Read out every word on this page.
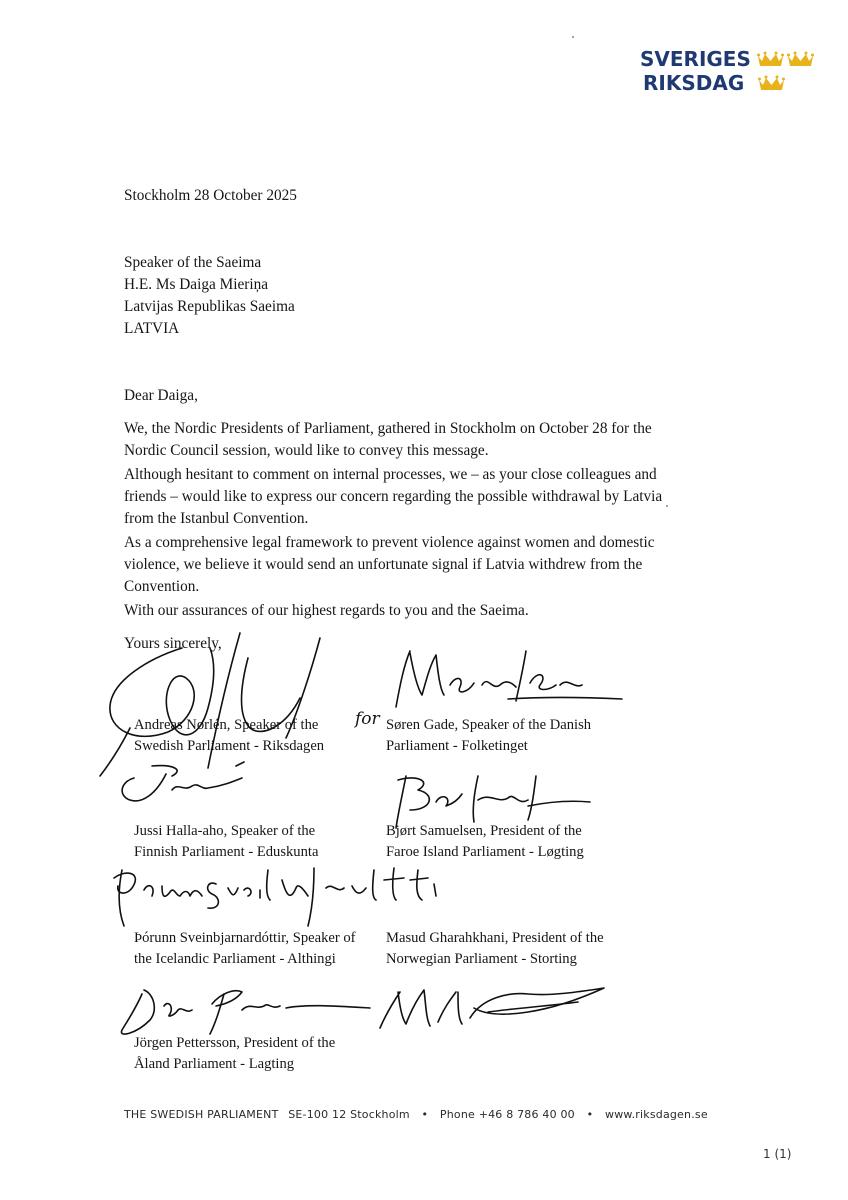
SVERIGES
RIKSDAG
Stockholm 28 October 2025
Speaker of the Saeima
H.E. Ms Daiga Mieriņa
Latvijas Republikas Saeima
LATVIA
Dear Daiga,
We, the Nordic Presidents of Parliament, gathered in Stockholm on October 28 for the Nordic Council session, would like to convey this message.
Although hesitant to comment on internal processes, we – as your close colleagues and friends – would like to express our concern regarding the possible withdrawal by Latvia from the Istanbul Convention.
As a comprehensive legal framework to prevent violence against women and domestic violence, we believe it would send an unfortunate signal if Latvia withdrew from the Convention.
With our assurances of our highest regards to you and the Saeima.
Yours sincerely,
Andreas Norlén, Speaker of the
Swedish Parliament - Riksdagen
for Søren Gade, Speaker of the Danish
Parliament - Folketinget
Jussi Halla-aho, Speaker of the
Finnish Parliament - Eduskunta
Bjørt Samuelsen, President of the
Faroe Island Parliament - Løgting
Þórunn Sveinbjarnardóttir, Speaker of
the Icelandic Parliament - Althingi
Masud Gharahkhani, President of the
Norwegian Parliament - Storting
Jörgen Pettersson, President of the
Åland Parliament - Lagting
THE SWEDISH PARLIAMENT SE-100 12 Stockholm • Phone +46 8 786 40 00 • www.riksdagen.se
1 (1)
